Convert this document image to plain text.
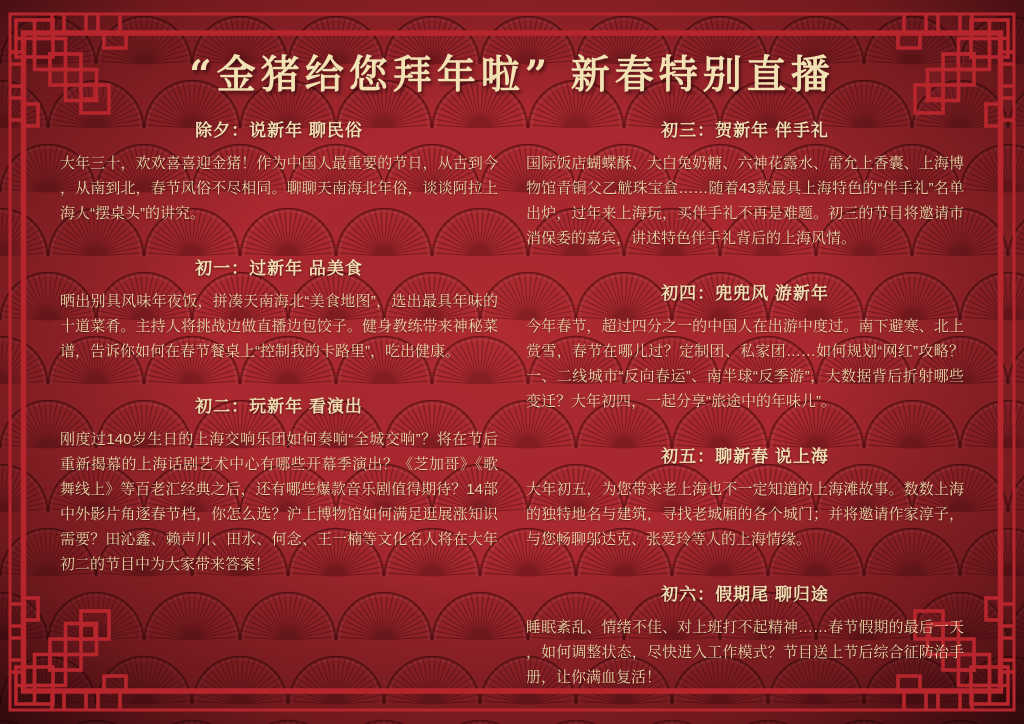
“金猪给您拜年啦” 新春特别直播
除夕：说新年 聊民俗

大年三十，欢欢喜喜迎金猪！作为中国人最重要的节日，从古到今，从南到北，春节风俗不尽相同。聊聊天南海北年俗，谈谈阿拉上海人“摆桌头”的讲究。

初一：过新年 品美食

晒出别具风味年夜饭，拼凑天南海北“美食地图”，选出最具年味的十道菜肴。主持人将挑战边做直播边包饺子。健身教练带来神秘菜谱，告诉你如何在春节餐桌上“控制我的卡路里”，吃出健康。

初二：玩新年 看演出

刚度过140岁生日的上海交响乐团如何奏响“全城交响”？将在节后重新揭幕的上海话剧艺术中心有哪些开幕季演出？《芝加哥》《歌舞线上》等百老汇经典之后，还有哪些爆款音乐剧值得期待？14部中外影片角逐春节档，你怎么选？沪上博物馆如何满足逛展涨知识需要？田沁鑫、赖声川、田水、何念、王一楠等文化名人将在大年初二的节目中为大家带来答案！

初三：贺新年 伴手礼

国际饭店蝴蝶酥、大白兔奶糖、六神花露水、雷允上香囊、上海博物馆青铜父乙觥珠宝盒……随着43款最具上海特色的“伴手礼”名单出炉，过年来上海玩，买伴手礼不再是难题。初三的节目将邀请市消保委的嘉宾，讲述特色伴手礼背后的上海风情。

初四：兜兜风 游新年

今年春节，超过四分之一的中国人在出游中度过。南下避寒、北上赏雪，春节在哪儿过？定制团、私家团……如何规划“网红”攻略？一、二线城市“反向春运”、南半球“反季游”，大数据背后折射哪些变迁？大年初四，一起分享“旅途中的年味儿”。

初五：聊新春 说上海

大年初五，为您带来老上海也不一定知道的上海滩故事。数数上海的独特地名与建筑，寻找老城厢的各个城门；并将邀请作家淳子，与您畅聊邬达克、张爱玲等人的上海情缘。

初六：假期尾 聊归途

睡眠紊乱、情绪不佳、对上班打不起精神……春节假期的最后一天，如何调整状态，尽快进入工作模式？节目送上节后综合征防治手册，让你满血复活！
